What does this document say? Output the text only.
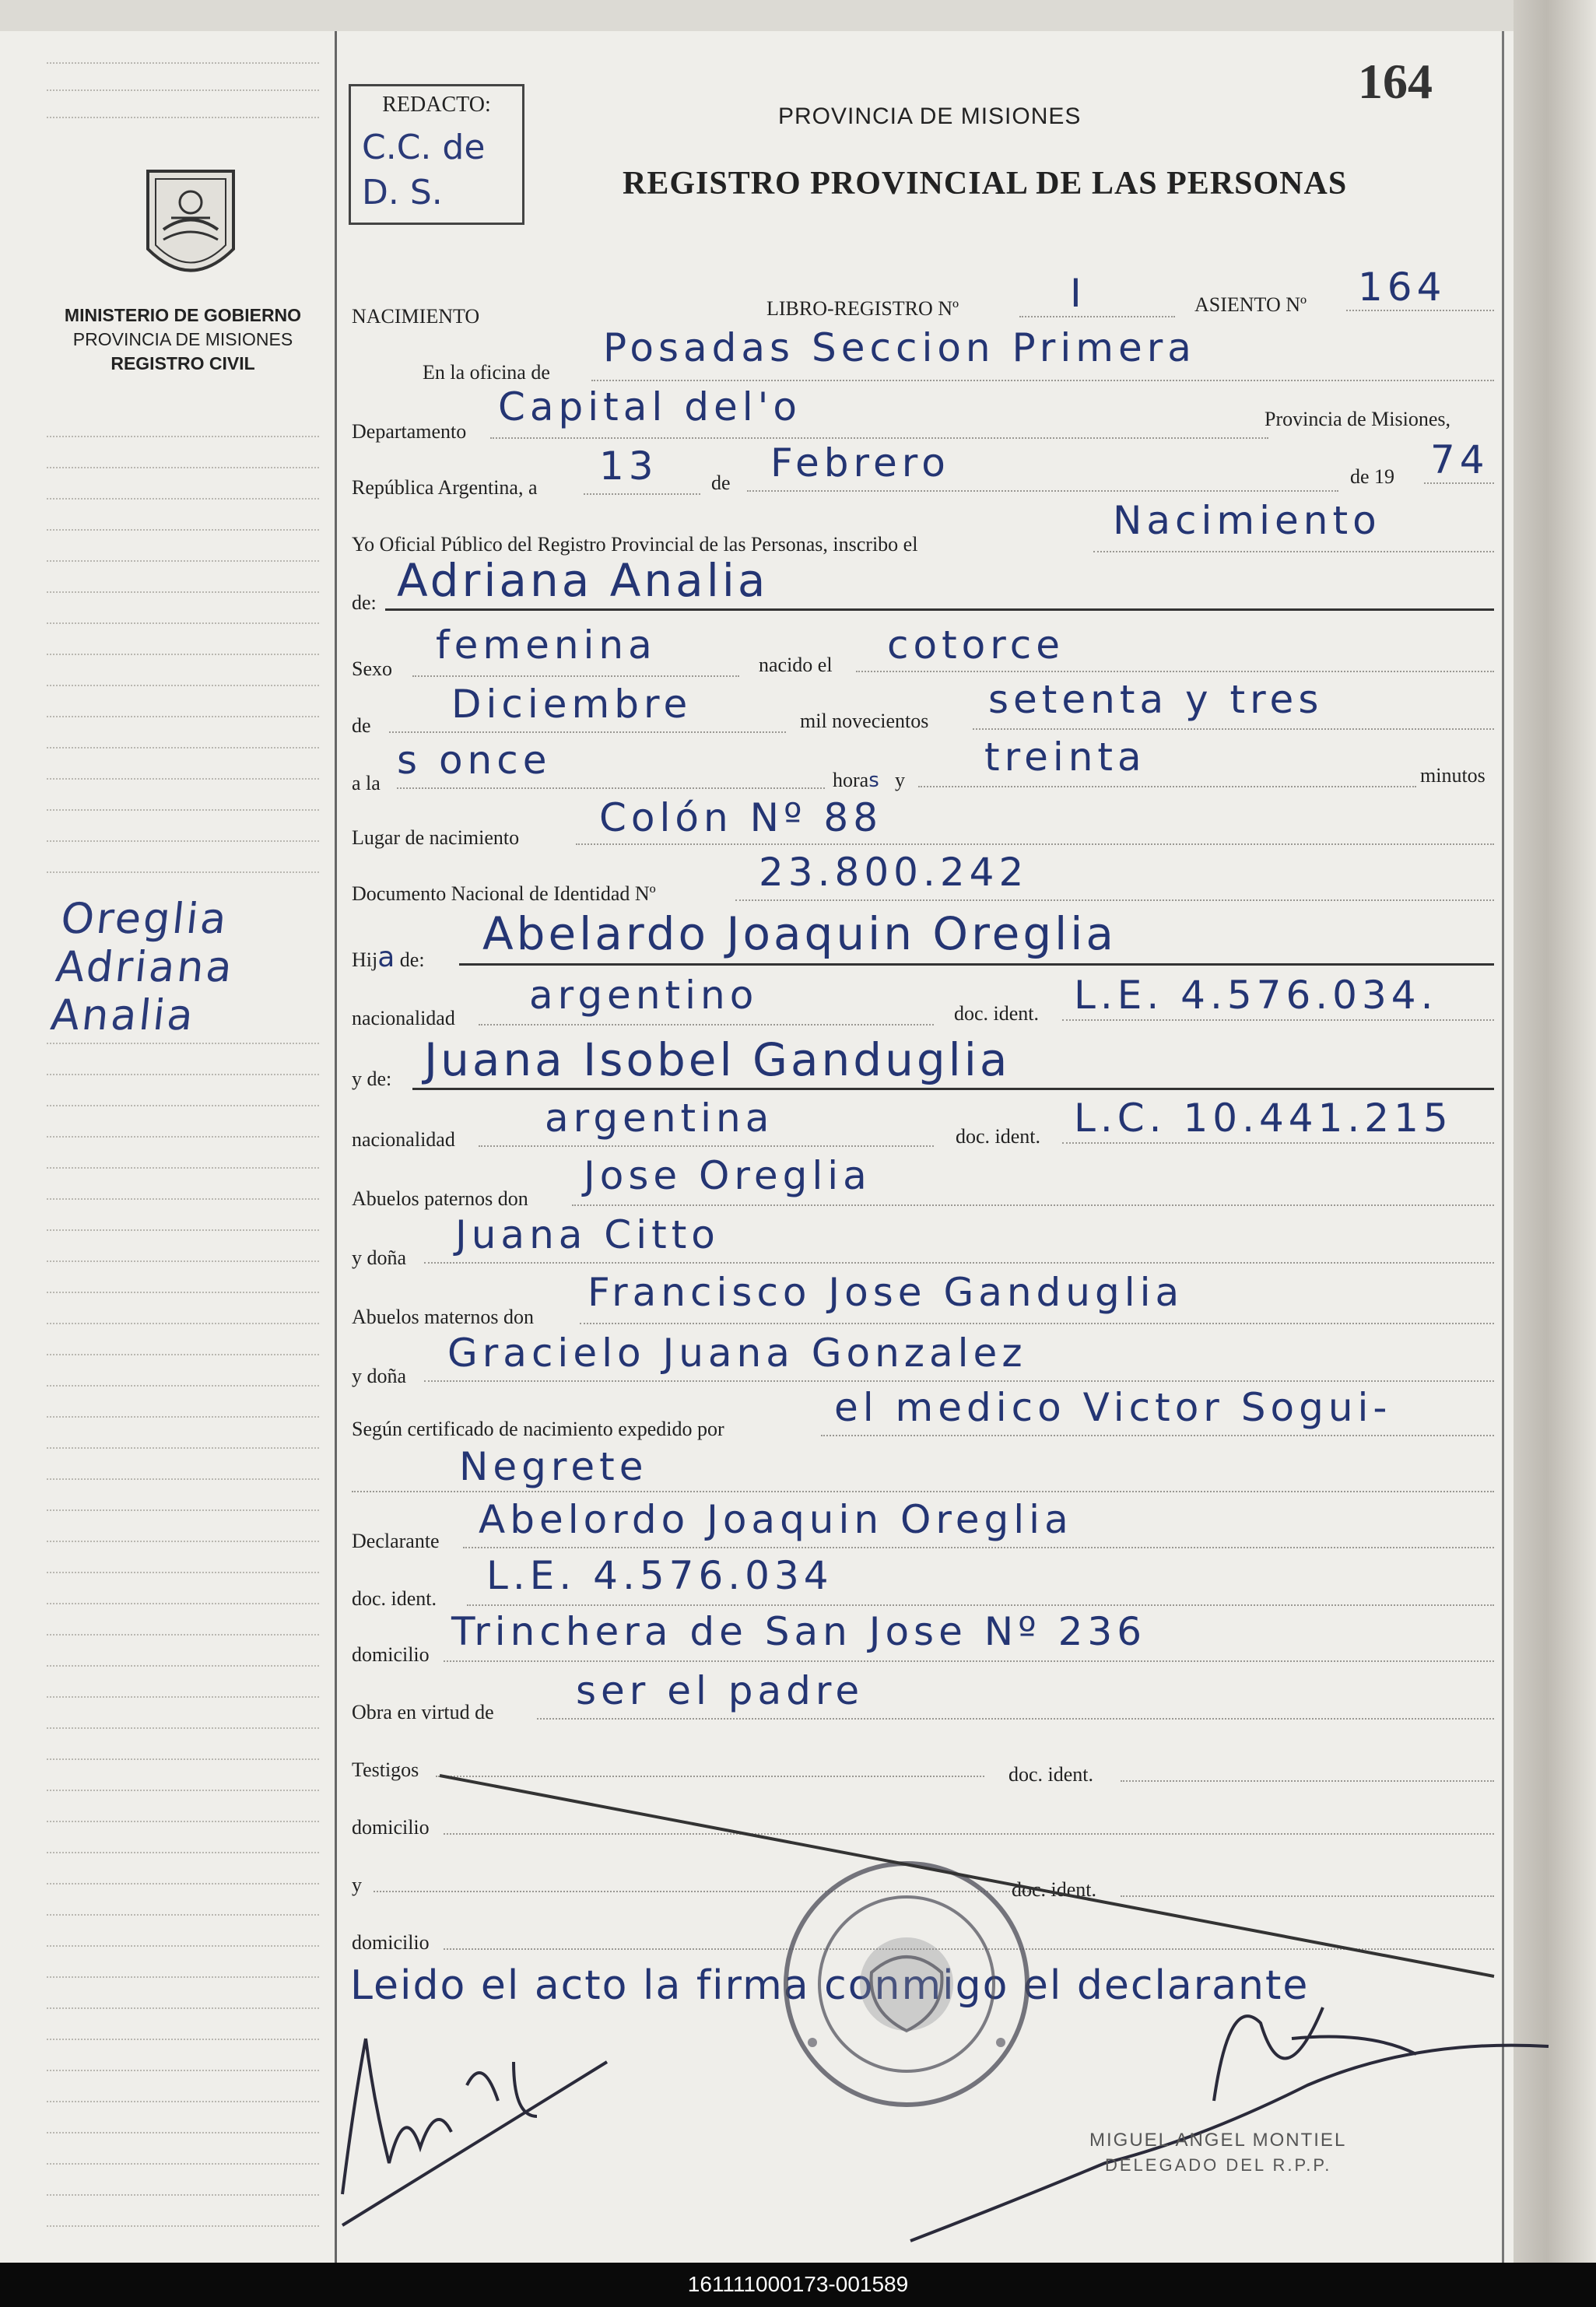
MINISTERIO DE GOBIERNO
PROVINCIA DE MISIONES
REGISTRO CIVIL
Oreglia
Adriana
Analia
164
REDACTO:
C.C. de D. S.
PROVINCIA DE MISIONES
REGISTRO PROVINCIAL DE LAS PERSONAS
NACIMIENTO	LIBRO-REGISTRO Nº	I	ASIENTO Nº 164
En la oficina de
Posadas Seccion Primera
Departamento
Capital del'o	Provincia de Misiones,
República Argentina, a 13	de Febrero	de 19 74
Yo Oficial Público del Registro Provincial de las Personas, inscribo el
Nacimiento
de: Adriana Analia
Sexo
femenina	nacido el cotorce
de Diciembre	mil novecientos setenta y tres
a la
s once	horas y
treinta	minutos
Lugar de nacimiento Colón Nº 88
Documento Nacional de Identidad Nº	23.800.242
Hija de: Abelardo Joaquin Oreglia
nacionalidad
argentino	doc. ident. L.E. 4.576.034.
y de: Juana Isobel Ganduglia
nacionalidad argentina	doc. ident. L.C. 10.441.215
Abuelos paternos don
Jose Oreglia
y doña
Juana Citto
Abuelos maternos don
Francisco Jose Ganduglia
y doña
Gracielo Juana Gonzalez
Según certificado de nacimiento expedido por	el medico Victor Sogui-
Negrete
Declarante Abelordo Joaquin Oreglia
doc. ident.
L.E. 4.576.034
domicilio
Trinchera de San Jose Nº 236
Obra en virtud de ser el padre
Testigos	doc. ident.
domicilio
y	doc. ident.
domicilio
Leido el acto la firma conmigo el declarante
MIGUEL ANGEL MONTIEL
DELEGADO DEL R.P.P.
161111000173-001589
